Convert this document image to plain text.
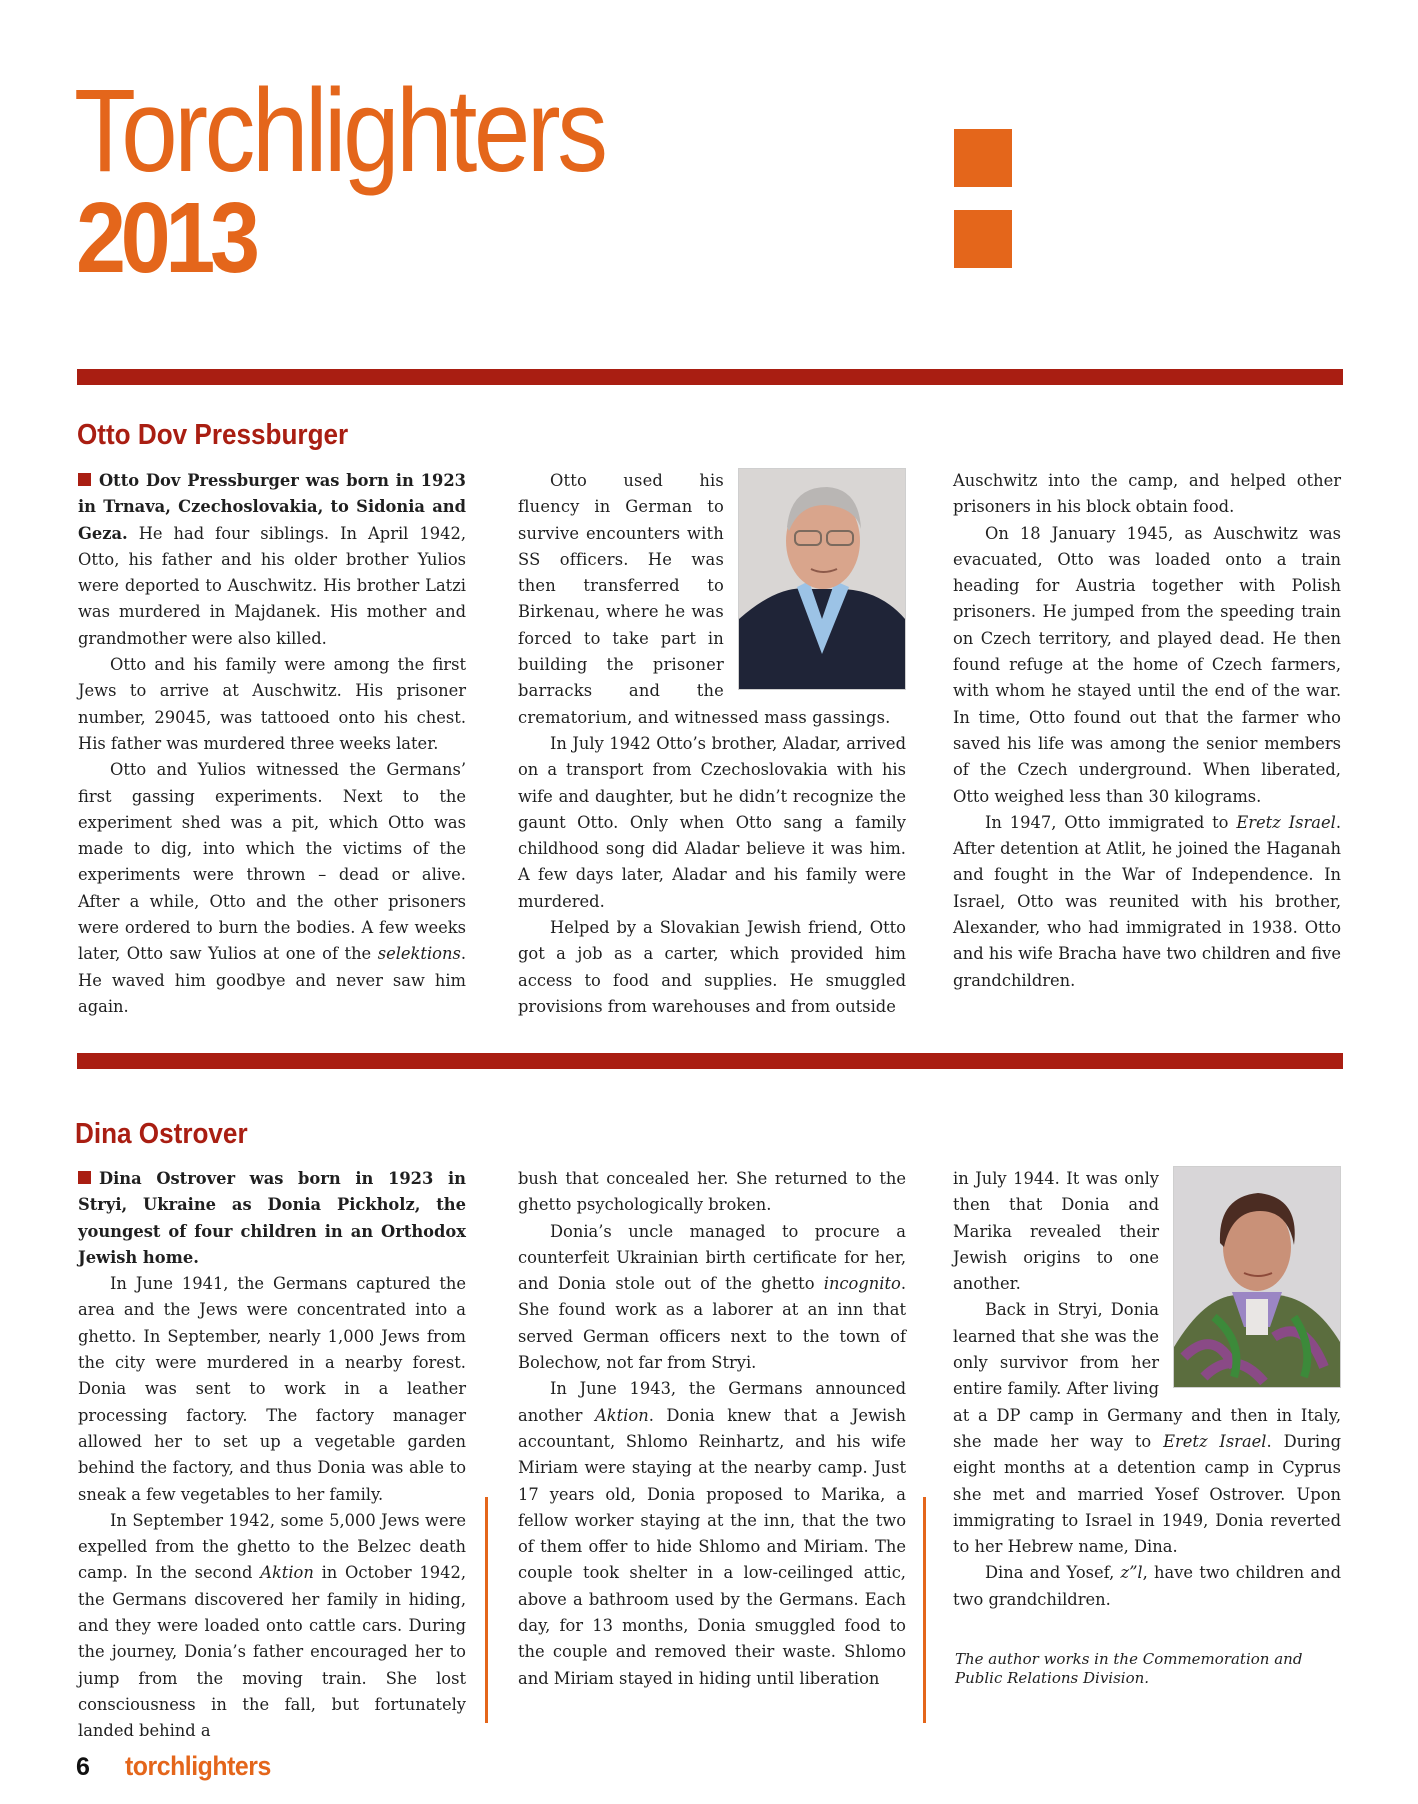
Torchlighters
2013
Otto Dov Pressburger

Otto Dov Pressburger was born in 1923 in Trnava, Czechoslovakia, to Sidonia and Geza. He had four siblings. In April 1942, Otto, his father and his older brother Yulios were deported to Auschwitz. His brother Latzi was murdered in Majdanek. His mother and grandmother were also killed.

Otto and his family were among the first Jews to arrive at Auschwitz. His prisoner number, 29045, was tattooed onto his chest. His father was murdered three weeks later.

Otto and Yulios witnessed the Germans’ first gassing experiments. Next to the experiment shed was a pit, which Otto was made to dig, into which the victims of the experiments were thrown – dead or alive. After a while, Otto and the other prisoners were ordered to burn the bodies. A few weeks later, Otto saw Yulios at one of the selektions. He waved him goodbye and never saw him again.

Otto used his fluency in German to survive encounters with SS officers. He was then transferred to Birkenau, where he was forced to take part in building the prisoner barracks and the crematorium, and witnessed mass gassings.

In July 1942 Otto’s brother, Aladar, arrived on a transport from Czechoslovakia with his wife and daughter, but he didn’t recognize the gaunt Otto. Only when Otto sang a family childhood song did Aladar believe it was him. A few days later, Aladar and his family were murdered.

Helped by a Slovakian Jewish friend, Otto got a job as a carter, which provided him access to food and supplies. He smuggled provisions from warehouses and from outside

Auschwitz into the camp, and helped other prisoners in his block obtain food.

On 18 January 1945, as Auschwitz was evacuated, Otto was loaded onto a train heading for Austria together with Polish prisoners. He jumped from the speeding train on Czech territory, and played dead. He then found refuge at the home of Czech farmers, with whom he stayed until the end of the war. In time, Otto found out that the farmer who saved his life was among the senior members of the Czech underground. When liberated, Otto weighed less than 30 kilograms.

In 1947, Otto immigrated to Eretz Israel. After detention at Atlit, he joined the Haganah and fought in the War of Independence. In Israel, Otto was reunited with his brother, Alexander, who had immigrated in 1938. Otto and his wife Bracha have two children and five grandchildren.

Dina Ostrover

Dina Ostrover was born in 1923 in Stryi, Ukraine as Donia Pickholz, the youngest of four children in an Orthodox Jewish home.

In June 1941, the Germans captured the area and the Jews were concentrated into a ghetto. In September, nearly 1,000 Jews from the city were murdered in a nearby forest. Donia was sent to work in a leather processing factory. The factory manager allowed her to set up a vegetable garden behind the factory, and thus Donia was able to sneak a few vegetables to her family.

In September 1942, some 5,000 Jews were expelled from the ghetto to the Belzec death camp. In the second Aktion in October 1942, the Germans discovered her family in hiding, and they were loaded onto cattle cars. During the journey, Donia’s father encouraged her to jump from the moving train. She lost consciousness in the fall, but fortunately landed behind a

bush that concealed her. She returned to the ghetto psychologically broken.

Donia’s uncle managed to procure a counterfeit Ukrainian birth certificate for her, and Donia stole out of the ghetto incognito. She found work as a laborer at an inn that served German officers next to the town of Bolechow, not far from Stryi.

In June 1943, the Germans announced another Aktion. Donia knew that a Jewish accountant, Shlomo Reinhartz, and his wife Miriam were staying at the nearby camp. Just 17 years old, Donia proposed to Marika, a fellow worker staying at the inn, that the two of them offer to hide Shlomo and Miriam. The couple took shelter in a low-ceilinged attic, above a bathroom used by the Germans. Each day, for 13 months, Donia smuggled food to the couple and removed their waste. Shlomo and Miriam stayed in hiding until liberation

in July 1944. It was only then that Donia and Marika revealed their Jewish origins to one another.

Back in Stryi, Donia learned that she was the only survivor from her entire family. After living at a DP camp in Germany and then in Italy, she made her way to Eretz Israel. During eight months at a detention camp in Cyprus she met and married Yosef Ostrover. Upon immigrating to Israel in 1949, Donia reverted to her Hebrew name, Dina.

Dina and Yosef, z”l, have two children and two grandchildren.

The author works in the Commemoration and Public Relations Division.
6 torchlighters
